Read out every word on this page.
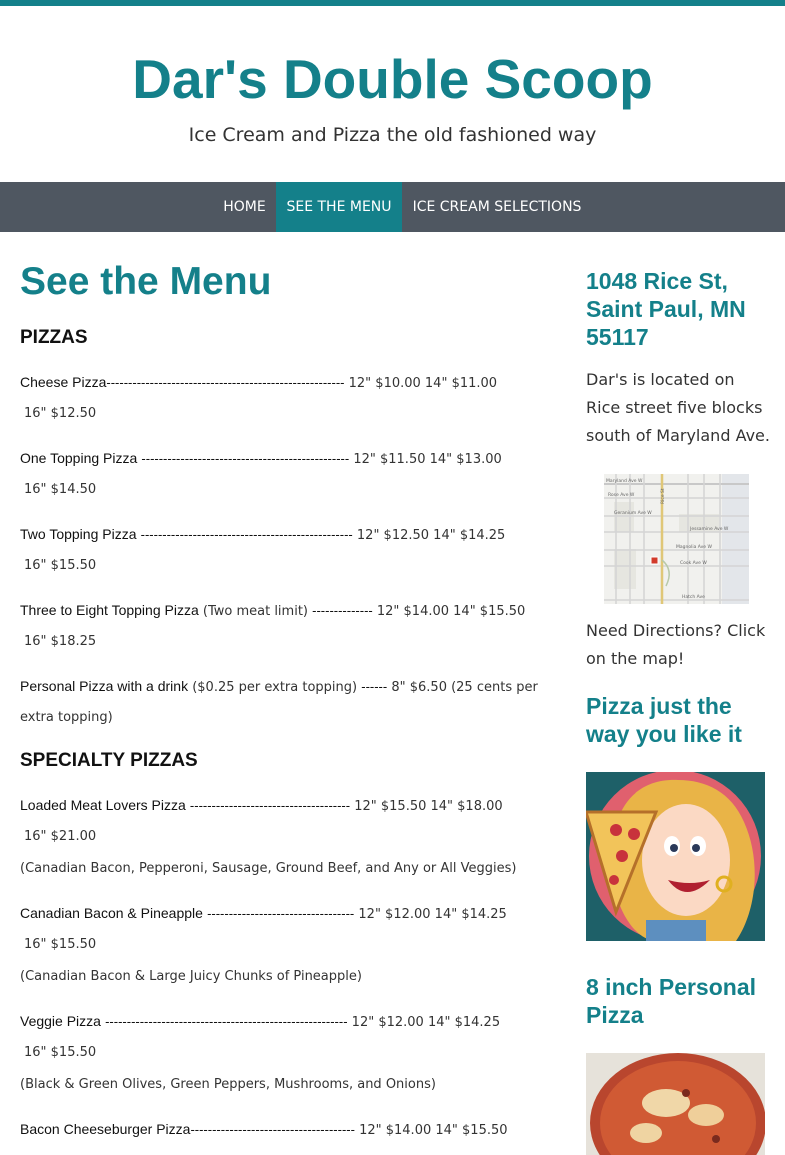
Dar's Double Scoop
Ice Cream and Pizza the old fashioned way
HOME	SEE THE MENU	ICE CREAM SELECTIONS
See the Menu
PIZZAS
Cheese Pizza------------------------------------------------------- 12" $10.00 14" $11.00
16" $12.50
One Topping Pizza ------------------------------------------------ 12" $11.50 14" $13.00
16" $14.50
Two Topping Pizza ------------------------------------------------- 12" $12.50 14" $14.25
16" $15.50
Three to Eight Topping Pizza (Two meat limit) -------------- 12" $14.00 14" $15.50
16" $18.25
Personal Pizza with a drink ($0.25 per extra topping) ------ 8" $6.50 (25 cents per
extra topping)
SPECIALTY PIZZAS
Loaded Meat Lovers Pizza ------------------------------------- 12" $15.50 14" $18.00
16" $21.00
(Canadian Bacon, Pepperoni, Sausage, Ground Beef, and Any or All Veggies)
Canadian Bacon & Pineapple ---------------------------------- 12" $12.00 14" $14.25
16" $15.50
(Canadian Bacon & Large Juicy Chunks of Pineapple)
Veggie Pizza -------------------------------------------------------- 12" $12.00 14" $14.25
16" $15.50
(Black & Green Olives, Green Peppers, Mushrooms, and Onions)
Bacon Cheeseburger Pizza-------------------------------------- 12" $14.00 14" $15.50
1048 Rice St, Saint Paul, MN 55117
Dar's is located on Rice street five blocks south of Maryland Ave.
Maryland Ave W
Rose Ave W
Geranium Ave W
Jessamine Ave W
Magnolia Ave W
Cook Ave W
Hatch Ave
Rice St
Need Directions? Click on the map!
Pizza just the way you like it
8 inch Personal Pizza
